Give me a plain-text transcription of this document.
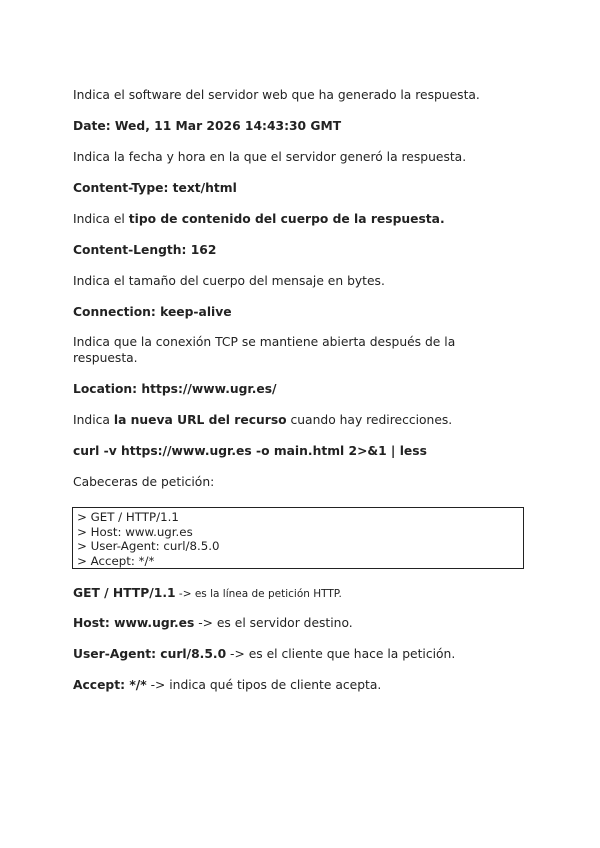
Indica el software del servidor web que ha generado la respuesta.
Date: Wed, 11 Mar 2026 14:43:30 GMT
Indica la fecha y hora en la que el servidor generó la respuesta.
Content-Type: text/html
Indica el tipo de contenido del cuerpo de la respuesta.
Content-Length: 162
Indica el tamaño del cuerpo del mensaje en bytes.
Connection: keep-alive
Indica que la conexión TCP se mantiene abierta después de la respuesta.
Location: https://www.ugr.es/
Indica la nueva URL del recurso cuando hay redirecciones.
curl -v https://www.ugr.es -o main.html 2>&1 | less
Cabeceras de petición:
> GET / HTTP/1.1
> Host: www.ugr.es
> User-Agent: curl/8.5.0
> Accept: */*
GET / HTTP/1.1 -> es la línea de petición HTTP.
Host: www.ugr.es -> es el servidor destino.
User-Agent: curl/8.5.0 -> es el cliente que hace la petición.
Accept: */* -> indica qué tipos de cliente acepta.
